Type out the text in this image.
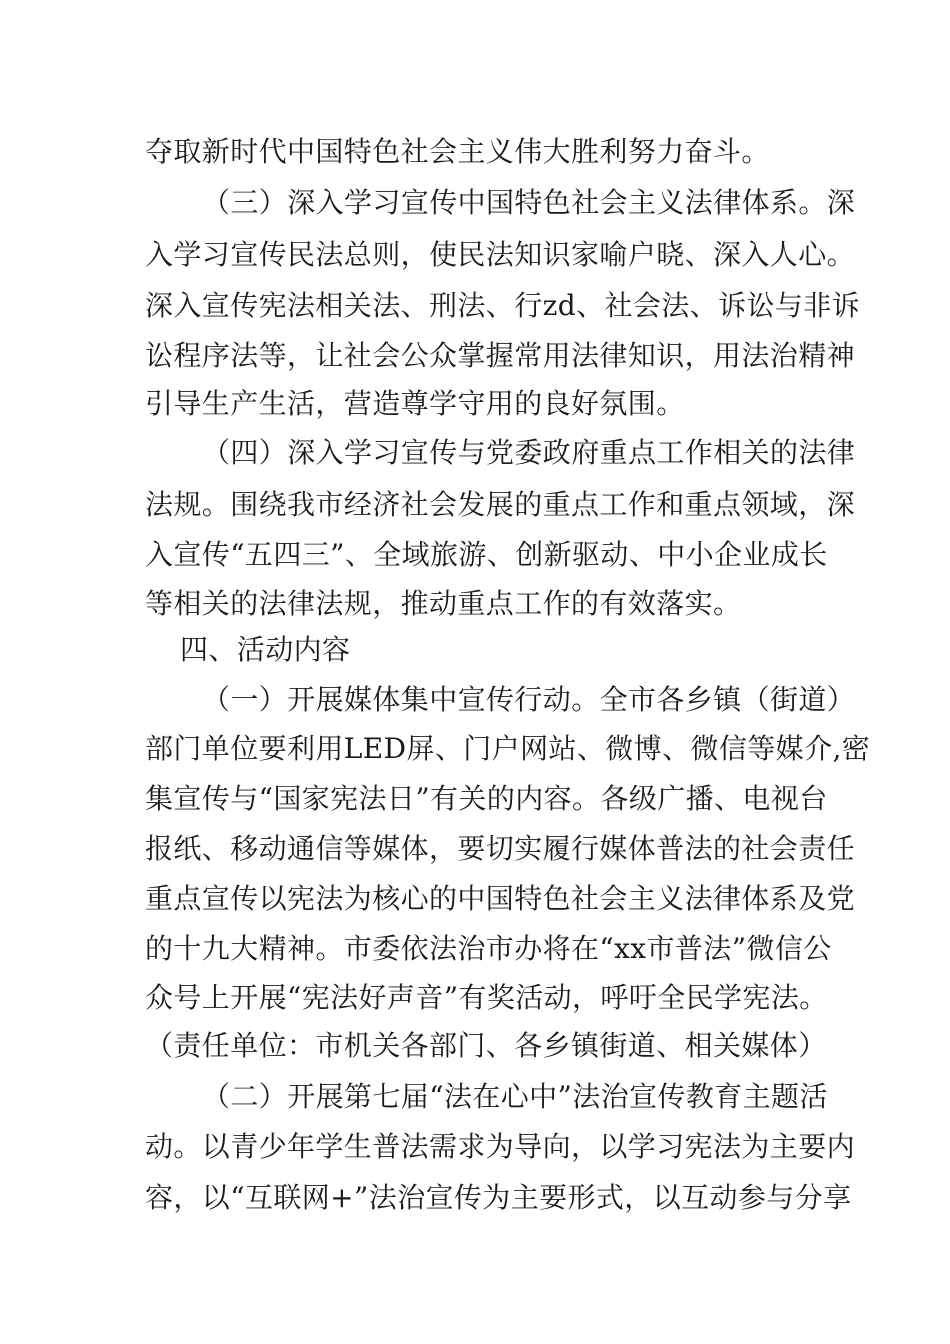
夺取新时代中国特色社会主义伟大胜利努力奋斗。
（三）深入学习宣传中国特色社会主义法律体系。深
入学习宣传民法总则，使民法知识家喻户晓、深入人心。
深入宣传宪法相关法、刑法、行zd、社会法、诉讼与非诉
讼程序法等，让社会公众掌握常用法律知识，用法治精神
引导生产生活，营造尊学守用的良好氛围。
（四）深入学习宣传与党委政府重点工作相关的法律
法规。围绕我市经济社会发展的重点工作和重点领域，深
入宣传“五四三”、全域旅游、创新驱动、中小企业成长
等相关的法律法规，推动重点工作的有效落实。
四、活动内容
（一）开展媒体集中宣传行动。全市各乡镇（街道）
部门单位要利用LED屏、门户网站、微博、微信等媒介,密
集宣传与“国家宪法日”有关的内容。各级广播、电视台
报纸、移动通信等媒体，要切实履行媒体普法的社会责任
重点宣传以宪法为核心的中国特色社会主义法律体系及党
的十九大精神。市委依法治市办将在“xx市普法”微信公
众号上开展“宪法好声音”有奖活动，呼吁全民学宪法。
（责任单位：市机关各部门、各乡镇街道、相关媒体）
（二）开展第七届“法在心中”法治宣传教育主题活
动。以青少年学生普法需求为导向，以学习宪法为主要内
容，以“互联网+”法治宣传为主要形式，以互动参与分享
